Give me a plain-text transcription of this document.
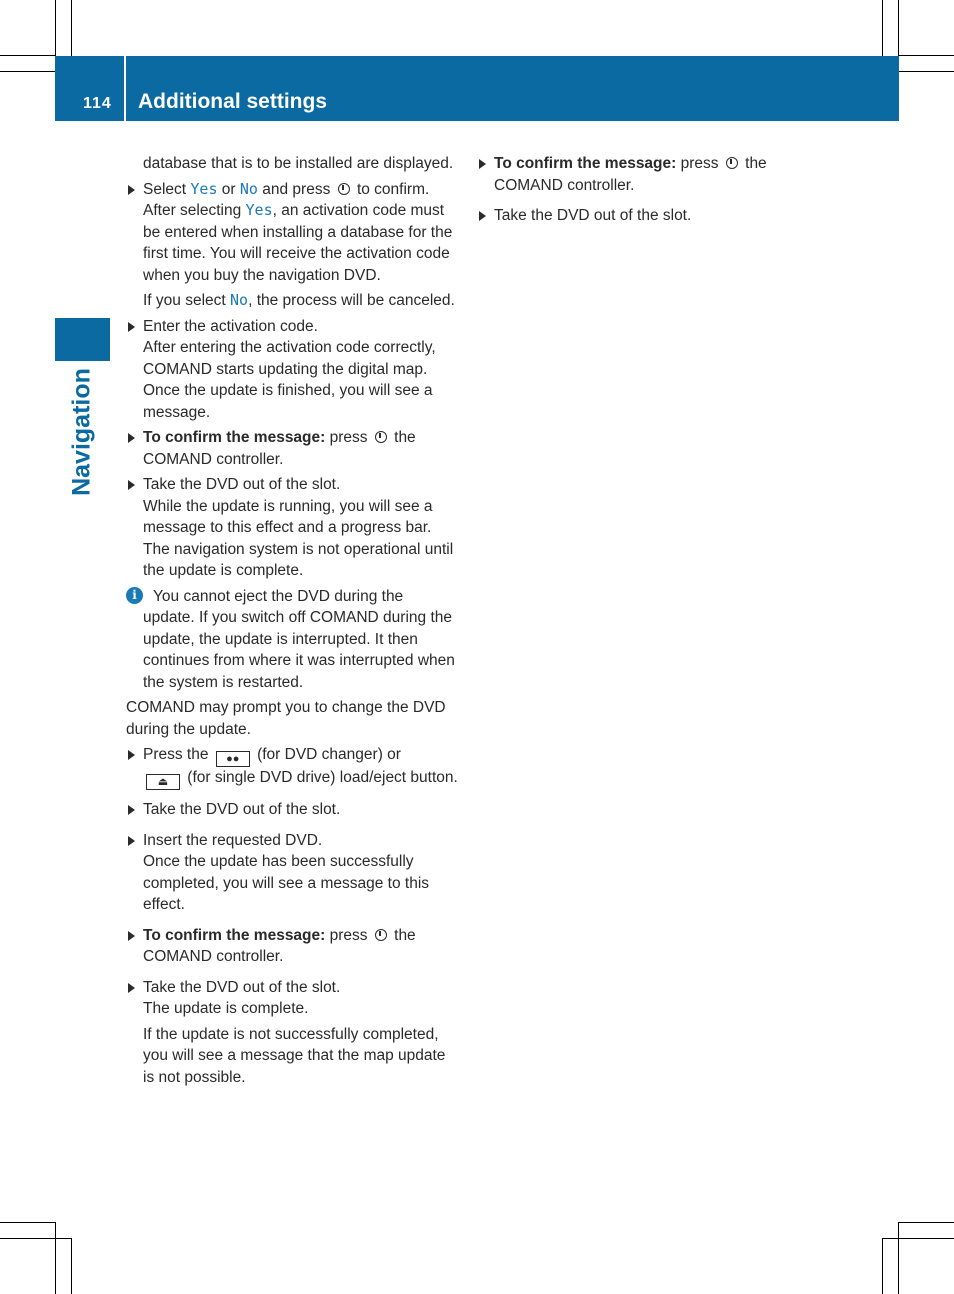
114 Additional settings
Navigation

database that is to be installed are displayed.

Select Yes or No and press  to confirm.
After selecting Yes, an activation code must be entered when installing a database for the first time. You will receive the activation code when you buy the navigation DVD.

If you select No, the process will be canceled.

Enter the activation code.
After entering the activation code correctly, COMAND starts updating the digital map. Once the update is finished, you will see a message.
To confirm the message: press  the COMAND controller.
Take the DVD out of the slot.
While the update is running, you will see a message to this effect and a progress bar. The navigation system is not operational until the update is complete.
i	You cannot eject the DVD during the update. If you switch off COMAND during the update, the update is interrupted. It then continues from where it was interrupted when the system is restarted.

COMAND may prompt you to change the DVD during the update.

Press the ●● (for DVD changer) or
⏏ (for single DVD drive) load/eject button.
Take the DVD out of the slot.
Insert the requested DVD.
Once the update has been successfully completed, you will see a message to this effect.
To confirm the message: press  the COMAND controller.
Take the DVD out of the slot.
The update is complete.

If the update is not successfully completed, you will see a message that the map update is not possible.

To confirm the message: press  the COMAND controller.
Take the DVD out of the slot.
